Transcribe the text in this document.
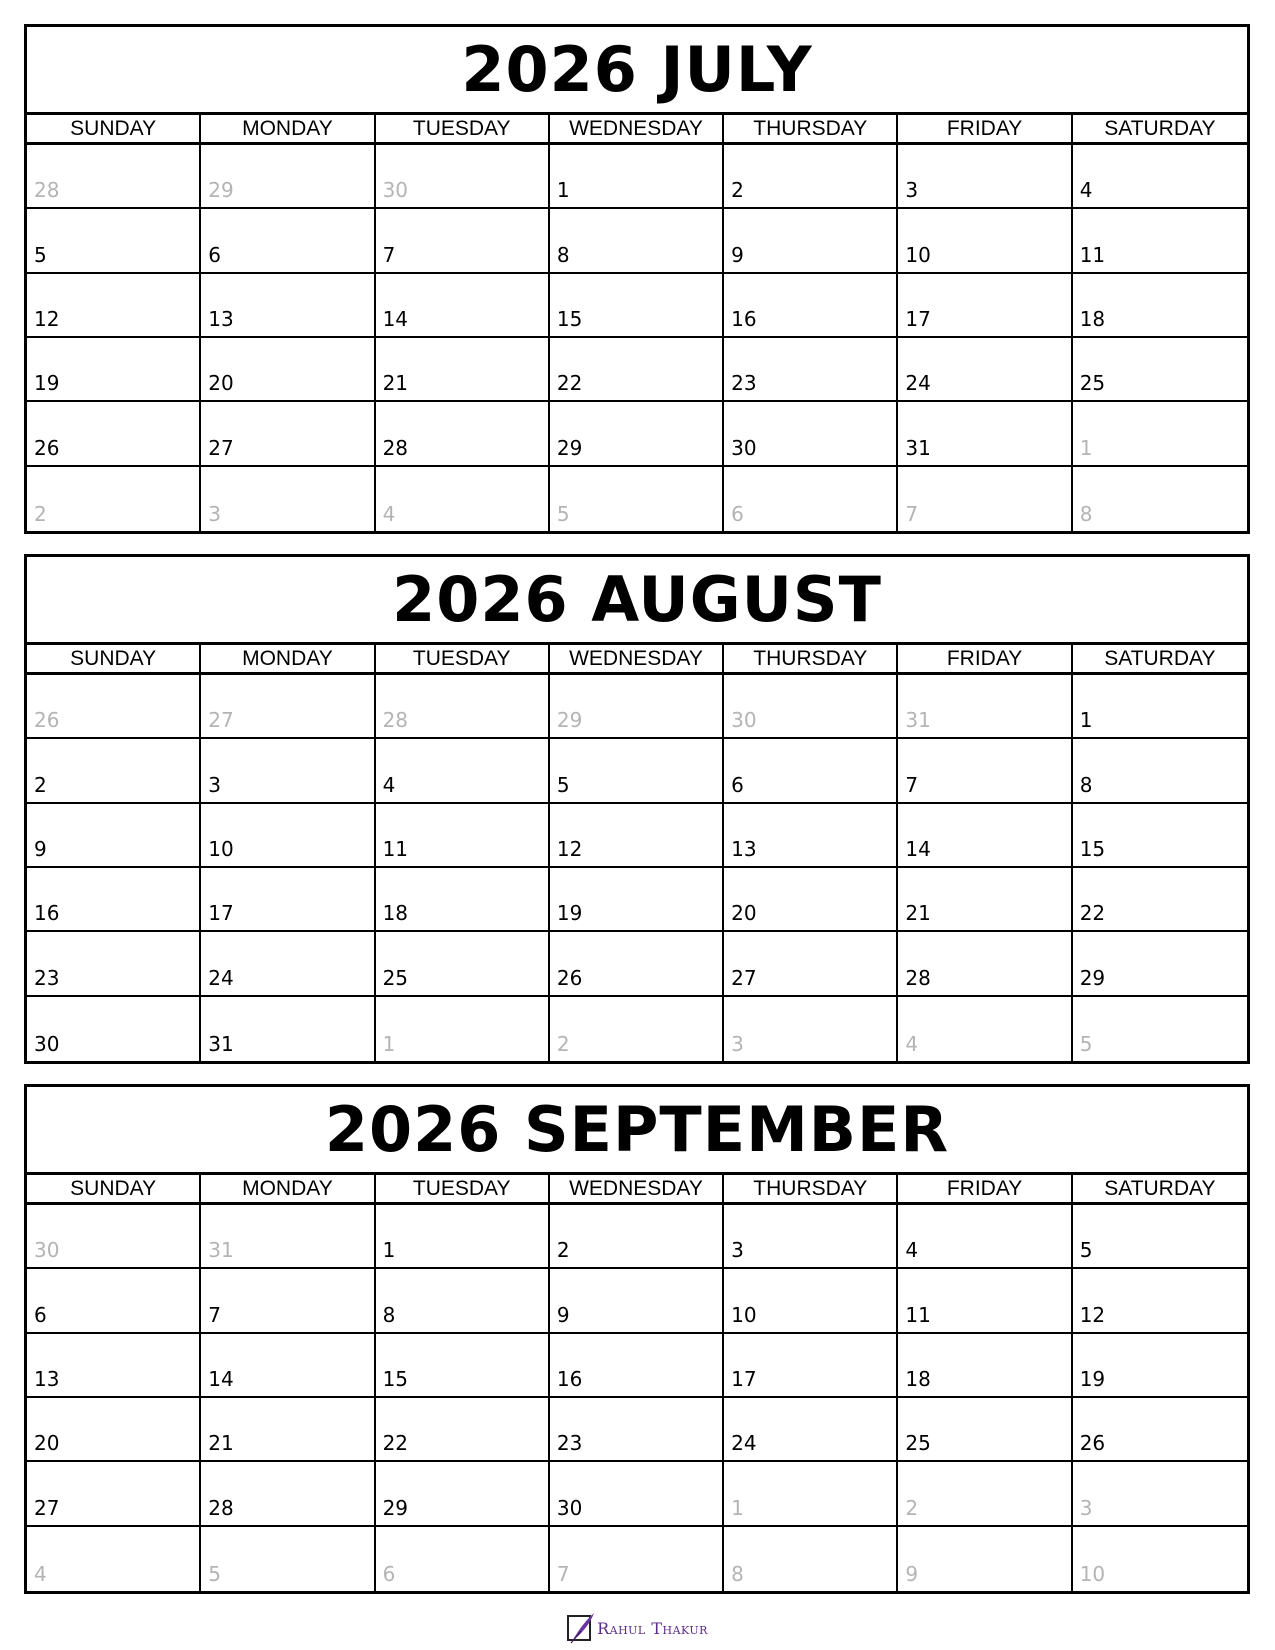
2026 JULY
SUNDAY	MONDAY	TUESDAY	WEDNESDAY	THURSDAY	FRIDAY	SATURDAY
28	29	30	1	2	3	4
5	6	7	8	9	10	11
12	13	14	15	16	17	18
19	20	21	22	23	24	25
26	27	28	29	30	31	1
2	3	4	5	6	7	8
2026 AUGUST
SUNDAY	MONDAY	TUESDAY	WEDNESDAY	THURSDAY	FRIDAY	SATURDAY
26	27	28	29	30	31	1
2	3	4	5	6	7	8
9	10	11	12	13	14	15
16	17	18	19	20	21	22
23	24	25	26	27	28	29
30	31	1	2	3	4	5
2026 SEPTEMBER
SUNDAY	MONDAY	TUESDAY	WEDNESDAY	THURSDAY	FRIDAY	SATURDAY
30	31	1	2	3	4	5
6	7	8	9	10	11	12
13	14	15	16	17	18	19
20	21	22	23	24	25	26
27	28	29	30	1	2	3
4	5	6	7	8	9	10
Rahul Thakur
